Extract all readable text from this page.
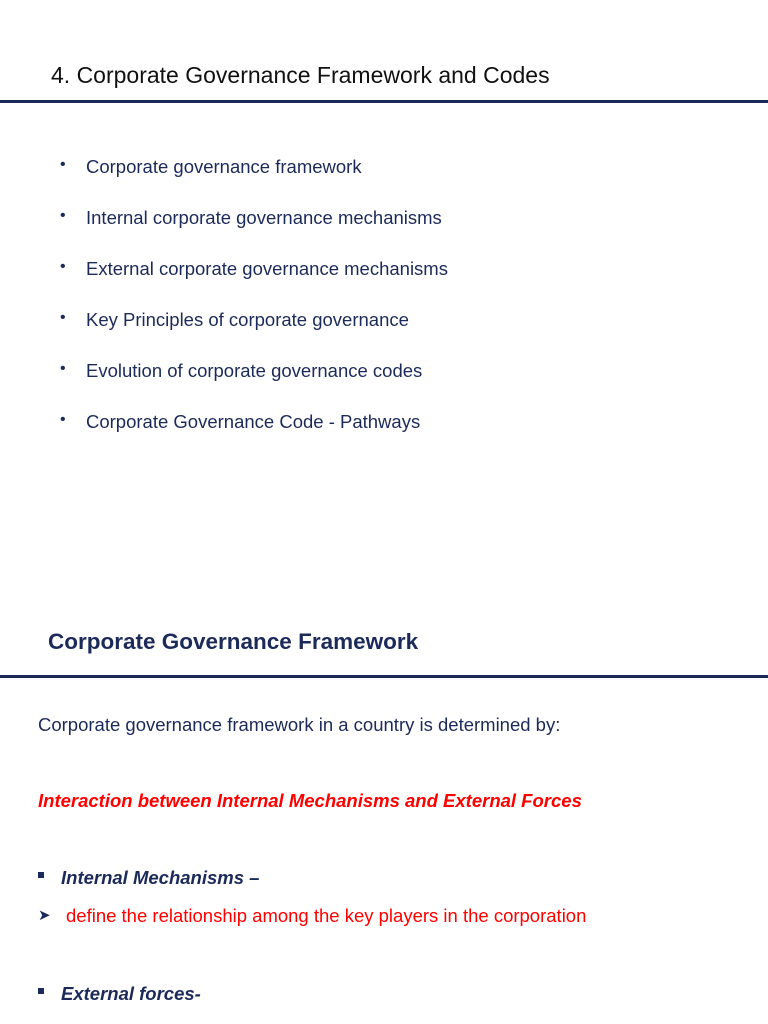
4. Corporate Governance Framework and Codes
• Corporate governance framework
• Internal corporate governance mechanisms
• External corporate governance mechanisms
• Key Principles of corporate governance
• Evolution of corporate governance codes
• Corporate Governance Code - Pathways
Corporate Governance Framework
Corporate governance framework in a country is determined by:
Interaction between Internal Mechanisms and External Forces
Internal Mechanisms –
➤ define the relationship among the key players in the corporation
External forces-
